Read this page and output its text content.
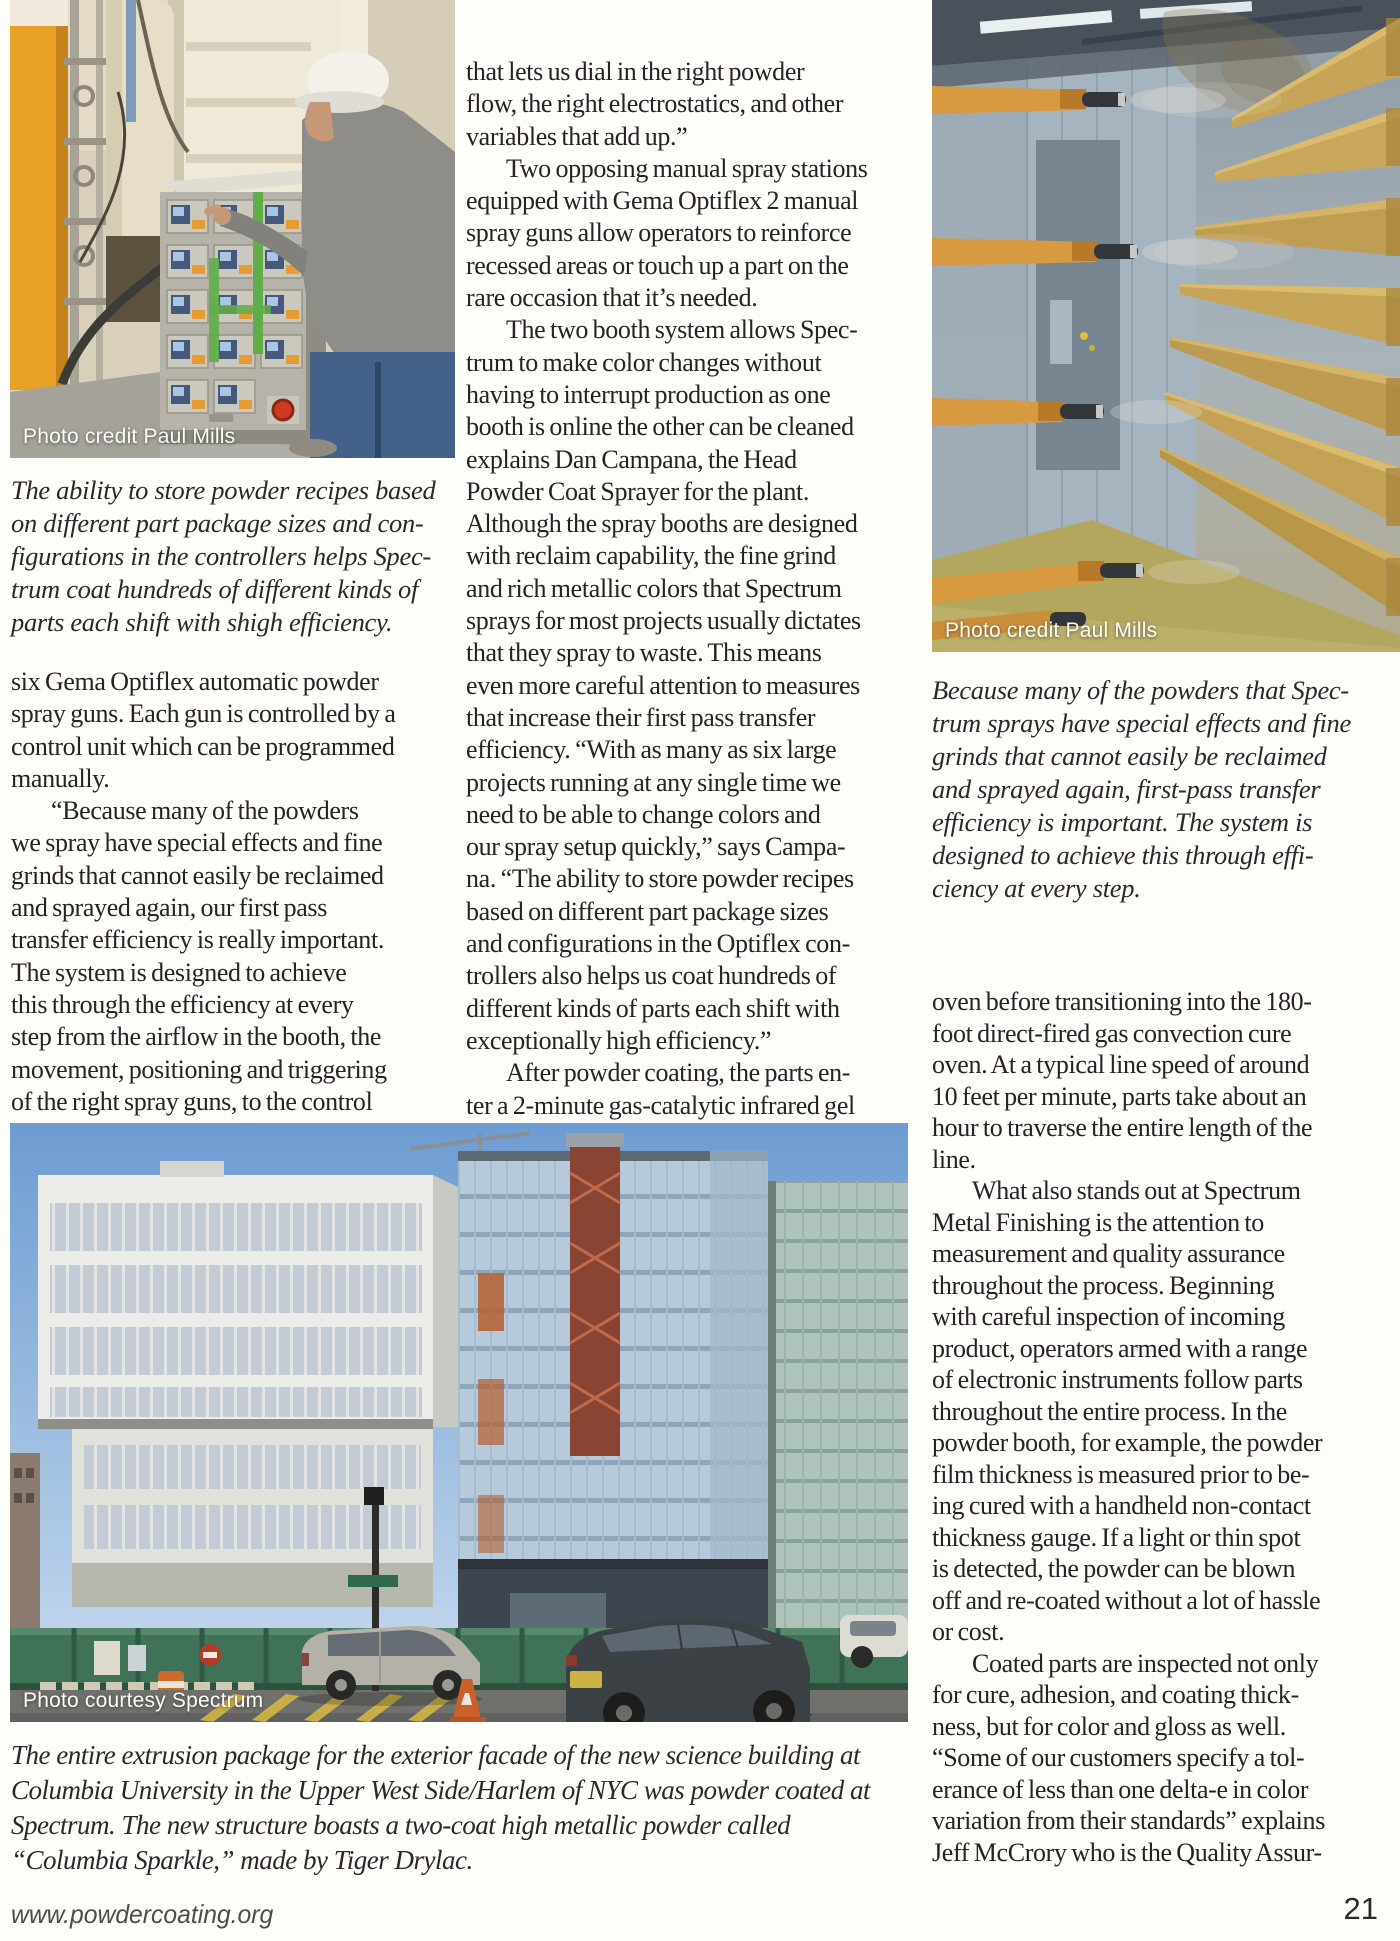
Photo credit Paul Mills
The ability to store powder recipes based
on different part package sizes and con-
figurations in the controllers helps Spec-
trum coat hundreds of different kinds of
parts each shift with shigh efficiency.
six Gema Optiflex automatic powder
spray guns. Each gun is controlled by a
control unit which can be programmed
manually.
“Because many of the powders
we spray have special effects and fine
grinds that cannot easily be reclaimed
and sprayed again, our first pass
transfer efficiency is really important.
The system is designed to achieve
this through the efficiency at every
step from the airflow in the booth, the
movement, positioning and triggering
of the right spray guns, to the control
that lets us dial in the right powder
flow, the right electrostatics, and other
variables that add up.”
Two opposing manual spray stations
equipped with Gema Optiflex 2 manual
spray guns allow operators to reinforce
recessed areas or touch up a part on the
rare occasion that it’s needed.
The two booth system allows Spec-
trum to make color changes without
having to interrupt production as one
booth is online the other can be cleaned
explains Dan Campana, the Head
Powder Coat Sprayer for the plant.
Although the spray booths are designed
with reclaim capability, the fine grind
and rich metallic colors that Spectrum
sprays for most projects usually dictates
that they spray to waste. This means
even more careful attention to measures
that increase their first pass transfer
efficiency. “With as many as six large
projects running at any single time we
need to be able to change colors and
our spray setup quickly,” says Campa-
na. “The ability to store powder recipes
based on different part package sizes
and configurations in the Optiflex con-
trollers also helps us coat hundreds of
different kinds of parts each shift with
exceptionally high efficiency.”
After powder coating, the parts en-
ter a 2-minute gas-catalytic infrared gel
Photo credit Paul Mills
Because many of the powders that Spec-
trum sprays have special effects and fine
grinds that cannot easily be reclaimed
and sprayed again, first-pass transfer
efficiency is important. The system is
designed to achieve this through effi-
ciency at every step.
oven before transitioning into the 180-
foot direct-fired gas convection cure
oven. At a typical line speed of around
10 feet per minute, parts take about an
hour to traverse the entire length of the
line.
What also stands out at Spectrum
Metal Finishing is the attention to
measurement and quality assurance
throughout the process. Beginning
with careful inspection of incoming
product, operators armed with a range
of electronic instruments follow parts
throughout the entire process. In the
powder booth, for example, the powder
film thickness is measured prior to be-
ing cured with a handheld non-contact
thickness gauge. If a light or thin spot
is detected, the powder can be blown
off and re-coated without a lot of hassle
or cost.
Coated parts are inspected not only
for cure, adhesion, and coating thick-
ness, but for color and gloss as well.
“Some of our customers specify a tol-
erance of less than one delta-e in color
variation from their standards” explains
Jeff McCrory who is the Quality Assur-
Photo courtesy Spectrum
The entire extrusion package for the exterior facade of the new science building at
Columbia University in the Upper West Side/Harlem of NYC was powder coated at
Spectrum. The new structure boasts a two-coat high metallic powder called
“Columbia Sparkle,” made by Tiger Drylac.
www.powdercoating.org	21
